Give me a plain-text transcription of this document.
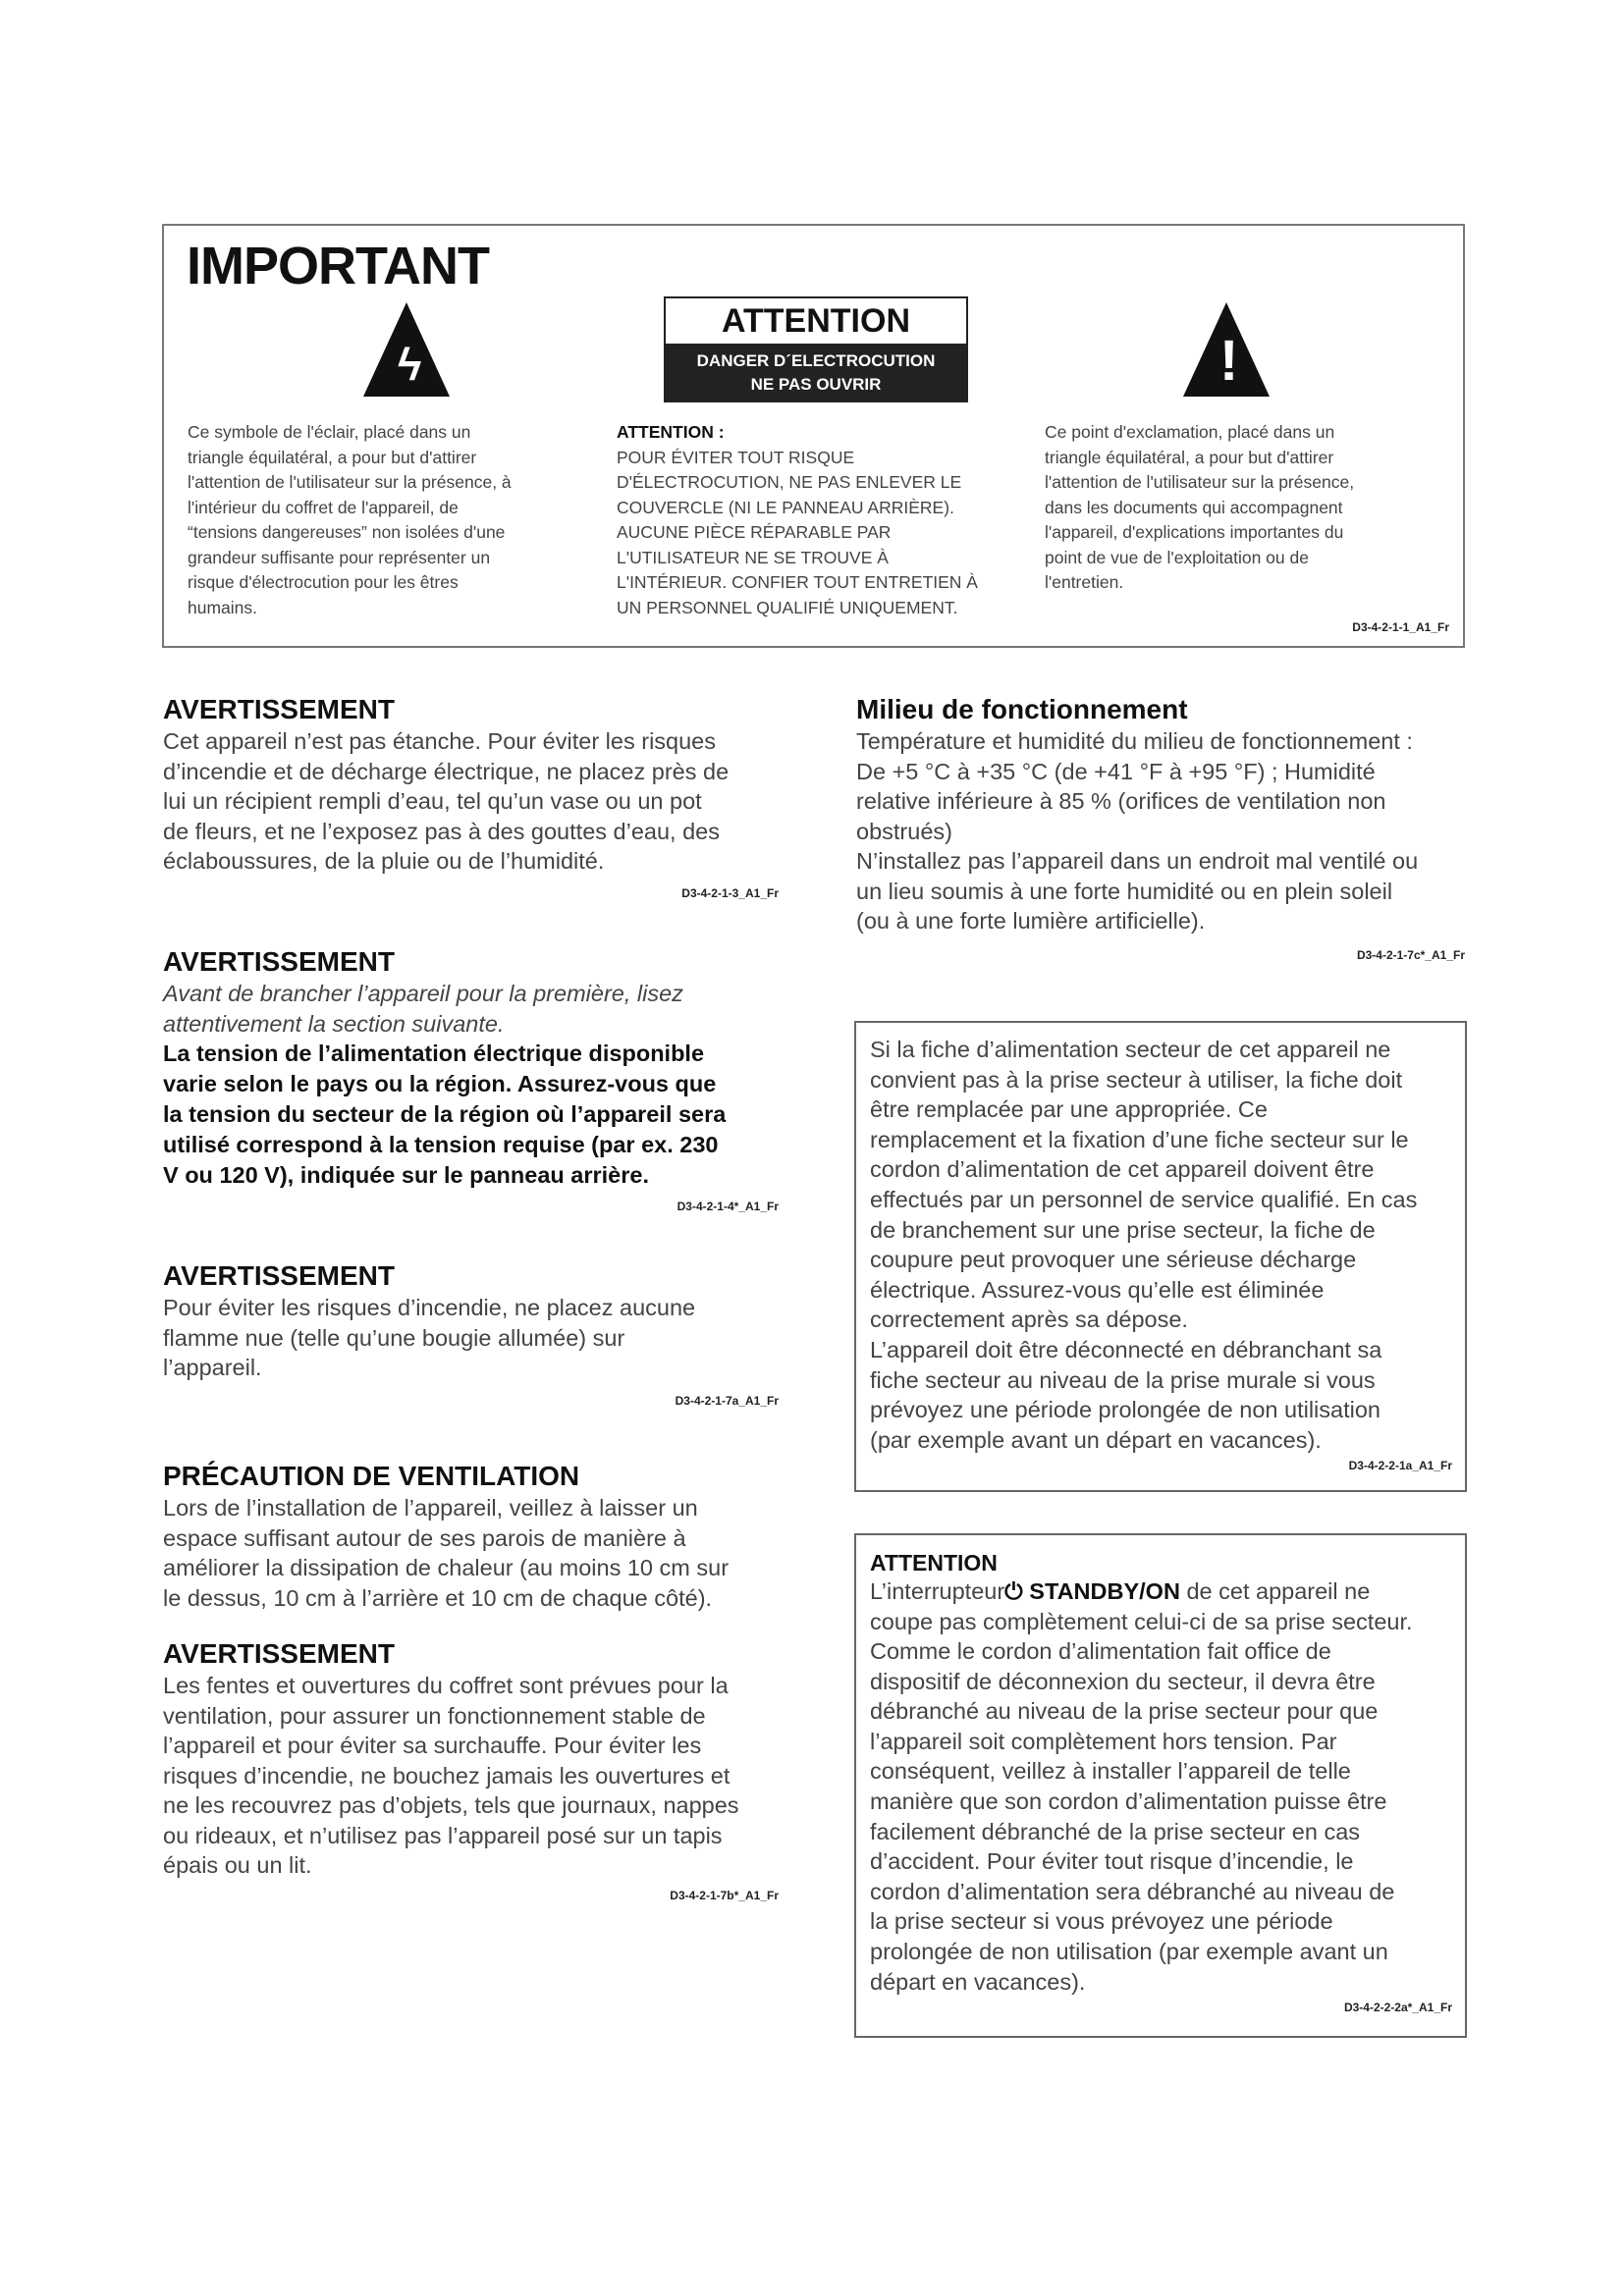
IMPORTANT
ϟ	!
ATTENTION
DANGER D´ELECTROCUTION
NE PAS OUVRIR
Ce symbole de l'éclair, placé dans un
triangle équilatéral, a pour but d'attirer
l'attention de l'utilisateur sur la présence, à
l'intérieur du coffret de l'appareil, de
“tensions dangereuses” non isolées d'une
grandeur suffisante pour représenter un
risque d'électrocution pour les êtres
humains.
ATTENTION :
POUR ÉVITER TOUT RISQUE
D'ÉLECTROCUTION, NE PAS ENLEVER LE
COUVERCLE (NI LE PANNEAU ARRIÈRE).
AUCUNE PIÈCE RÉPARABLE PAR
L'UTILISATEUR NE SE TROUVE À
L'INTÉRIEUR. CONFIER TOUT ENTRETIEN À
UN PERSONNEL QUALIFIÉ UNIQUEMENT.
Ce point d'exclamation, placé dans un
triangle équilatéral, a pour but d'attirer
l'attention de l'utilisateur sur la présence,
dans les documents qui accompagnent
l'appareil, d'explications importantes du
point de vue de l'exploitation ou de
l'entretien.
D3-4-2-1-1_A1_Fr
AVERTISSEMENT
Cet appareil n’est pas étanche. Pour éviter les risques
d’incendie et de décharge électrique, ne placez près de
lui un récipient rempli d’eau, tel qu’un vase ou un pot
de fleurs, et ne l’exposez pas à des gouttes d’eau, des
éclaboussures, de la pluie ou de l’humidité.
D3-4-2-1-3_A1_Fr
AVERTISSEMENT
Avant de brancher l’appareil pour la première, lisez
attentivement la section suivante.
La tension de l’alimentation électrique disponible
varie selon le pays ou la région. Assurez-vous que
la tension du secteur de la région où l’appareil sera
utilisé correspond à la tension requise (par ex. 230
V ou 120 V), indiquée sur le panneau arrière.
D3-4-2-1-4*_A1_Fr
AVERTISSEMENT
Pour éviter les risques d’incendie, ne placez aucune
flamme nue (telle qu’une bougie allumée) sur
l’appareil.
D3-4-2-1-7a_A1_Fr
PRÉCAUTION DE VENTILATION
Lors de l’installation de l’appareil, veillez à laisser un
espace suffisant autour de ses parois de manière à
améliorer la dissipation de chaleur (au moins 10 cm sur
le dessus, 10 cm à l’arrière et 10 cm de chaque côté).
AVERTISSEMENT
Les fentes et ouvertures du coffret sont prévues pour la
ventilation, pour assurer un fonctionnement stable de
l’appareil et pour éviter sa surchauffe. Pour éviter les
risques d’incendie, ne bouchez jamais les ouvertures et
ne les recouvrez pas d’objets, tels que journaux, nappes
ou rideaux, et n’utilisez pas l’appareil posé sur un tapis
épais ou un lit.
D3-4-2-1-7b*_A1_Fr
Milieu de fonctionnement
Température et humidité du milieu de fonctionnement :
De +5 °C à +35 °C (de +41 °F à +95 °F) ; Humidité
relative inférieure à 85 % (orifices de ventilation non
obstrués)
N’installez pas l’appareil dans un endroit mal ventilé ou
un lieu soumis à une forte humidité ou en plein soleil
(ou à une forte lumière artificielle).
D3-4-2-1-7c*_A1_Fr
Si la fiche d’alimentation secteur de cet appareil ne
convient pas à la prise secteur à utiliser, la fiche doit
être remplacée par une appropriée. Ce
remplacement et la fixation d’une fiche secteur sur le
cordon d’alimentation de cet appareil doivent être
effectués par un personnel de service qualifié. En cas
de branchement sur une prise secteur, la fiche de
coupure peut provoquer une sérieuse décharge
électrique. Assurez-vous qu’elle est éliminée
correctement après sa dépose.
L’appareil doit être déconnecté en débranchant sa
fiche secteur au niveau de la prise murale si vous
prévoyez une période prolongée de non utilisation
(par exemple avant un départ en vacances).
D3-4-2-2-1a_A1_Fr
ATTENTION
L’interrupteur⏻ STANDBY/ON de cet appareil ne
coupe pas complètement celui-ci de sa prise secteur.
Comme le cordon d’alimentation fait office de
dispositif de déconnexion du secteur, il devra être
débranché au niveau de la prise secteur pour que
l’appareil soit complètement hors tension. Par
conséquent, veillez à installer l’appareil de telle
manière que son cordon d’alimentation puisse être
facilement débranché de la prise secteur en cas
d’accident. Pour éviter tout risque d’incendie, le
cordon d’alimentation sera débranché au niveau de
la prise secteur si vous prévoyez une période
prolongée de non utilisation (par exemple avant un
départ en vacances).
D3-4-2-2-2a*_A1_Fr
